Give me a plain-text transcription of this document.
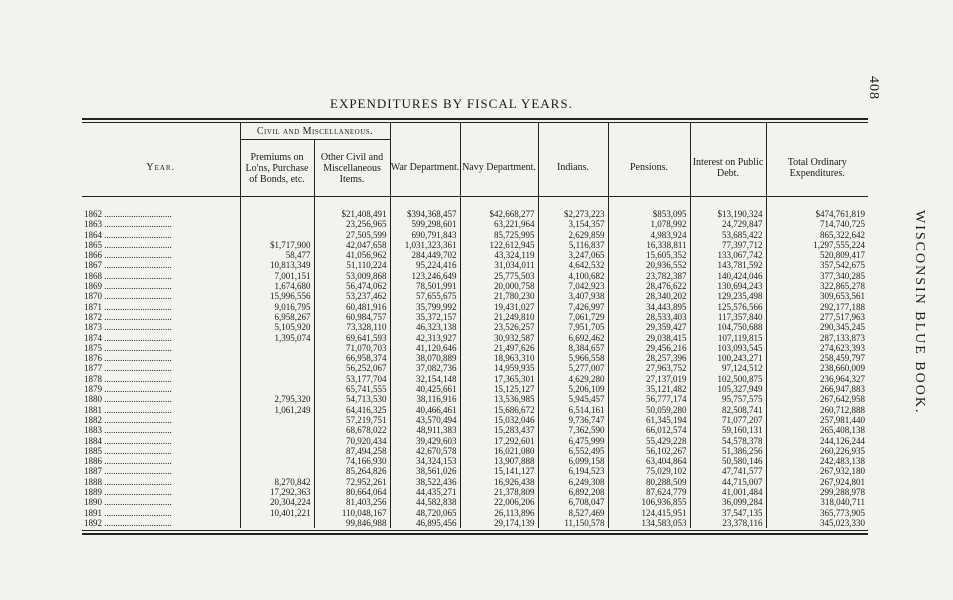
408
WISCONSIN BLUE BOOK.
EXPENDITURES BY FISCAL YEARS.
	Civil and Miscellaneous.							
Year.	Premiums on Lo'ns, Purchase of Bonds, etc.	Other Civil and Miscellaneous Items.	War Department.	Navy Department.	Indians.	Pensions.	Interest on Public Debt.	Total Ordinary Expenditures.

1862 ..............................		$21,408,491	$394,368,457	$42,668,277	$2,273,223	$853,095	$13,190,324	$474,761,819
1863 ..............................		23,256,965	599,298,601	63,221,964	3,154,357	1,078,992	24,729,847	714,740,725
1864 ..............................		27,505,599	690,791,843	85,725,995	2,629,859	4,983,924	53,685,422	865,322,642
1865 ..............................	$1,717,900	42,047,658	1,031,323,361	122,612,945	5,116,837	16,338,811	77,397,712	1,297,555,224
1866 ..............................	58,477	41,056,962	284,449,702	43,324,119	3,247,065	15,605,352	133,067,742	520,809,417
1867 ..............................	10,813,349	51,110,224	95,224,416	31,034,011	4,642,532	20,936,552	143,781,592	357,542,675
1868 ..............................	7,001,151	53,009,868	123,246,649	25,775,503	4,100,682	23,782,387	140,424,046	377,340,285
1869 ..............................	1,674,680	56,474,062	78,501,991	20,000,758	7,042,923	28,476,622	130,694,243	322,865,278
1870 ..............................	15,996,556	53,237,462	57,655,675	21,780,230	3,407,938	28,340,202	129,235,498	309,653,561
1871 ..............................	9,016,795	60,481,916	35,799,992	19,431,027	7,426,997	34,443,895	125,576,566	292,177,188
1872 ..............................	6,958,267	60,984,757	35,372,157	21,249,810	7,061,729	28,533,403	117,357,840	277,517,963
1873 ..............................	5,105,920	73,328,110	46,323,138	23,526,257	7,951,705	29,359,427	104,750,688	290,345,245
1874 ..............................	1,395,074	69,641,593	42,313,927	30,932,587	6,692,462	29,038,415	107,119,815	287,133,873
1875 ..............................		71,070,703	41,120,646	21,497,626	8,384,657	29,456,216	103,093,545	274,623,393
1876 ..............................		66,958,374	38,070,889	18,963,310	5,966,558	28,257,396	100,243,271	258,459,797
1877 ..............................		56,252,067	37,082,736	14,959,935	5,277,007	27,963,752	97,124,512	238,660,009
1878 ..............................		53,177,704	32,154,148	17,365,301	4,629,280	27,137,019	102,500,875	236,964,327
1879 ..............................		65,741,555	40,425,661	15,125,127	5,206,109	35,121,482	105,327,949	266,947,883
1880 ..............................	2,795,320	54,713,530	38,116,916	13,536,985	5,945,457	56,777,174	95,757,575	267,642,958
1881 ..............................	1,061,249	64,416,325	40,466,461	15,686,672	6,514,161	50,059,280	82,508,741	260,712,888
1882 ..............................		57,219,751	43,570,494	15,032,046	9,736,747	61,345,194	71,077,207	257,981,440
1883 ..............................		68,678,022	48,911,383	15,283,437	7,362,590	66,012,574	59,160,131	265,408,138
1884 ..............................		70,920,434	39,429,603	17,292,601	6,475,999	55,429,228	54,578,378	244,126,244
1885 ..............................		87,494,258	42,670,578	16,021,080	6,552,495	56,102,267	51,386,256	260,226,935
1886 ..............................		74,166,930	34,324,153	13,907,888	6,099,158	63,404,864	50,580,146	242,483,138
1887 ..............................		85,264,826	38,561,026	15,141,127	6,194,523	75,029,102	47,741,577	267,932,180
1888 ..............................	8,270,842	72,952,261	38,522,436	16,926,438	6,249,308	80,288,509	44,715,007	267,924,801
1889 ..............................	17,292,363	80,664,064	44,435,271	21,378,809	6,892,208	87,624,779	41,001,484	299,288,978
1890 ..............................	20,304,224	81,403,256	44,582,838	22,006,206	6,708,047	106,936,855	36,099,284	318,040,711
1891 ..............................	10,401,221	110,048,167	48,720,065	26,113,896	8,527,469	124,415,951	37,547,135	365,773,905
1892 ..............................		99,846,988	46,895,456	29,174,139	11,150,578	134,583,053	23,378,116	345,023,330
